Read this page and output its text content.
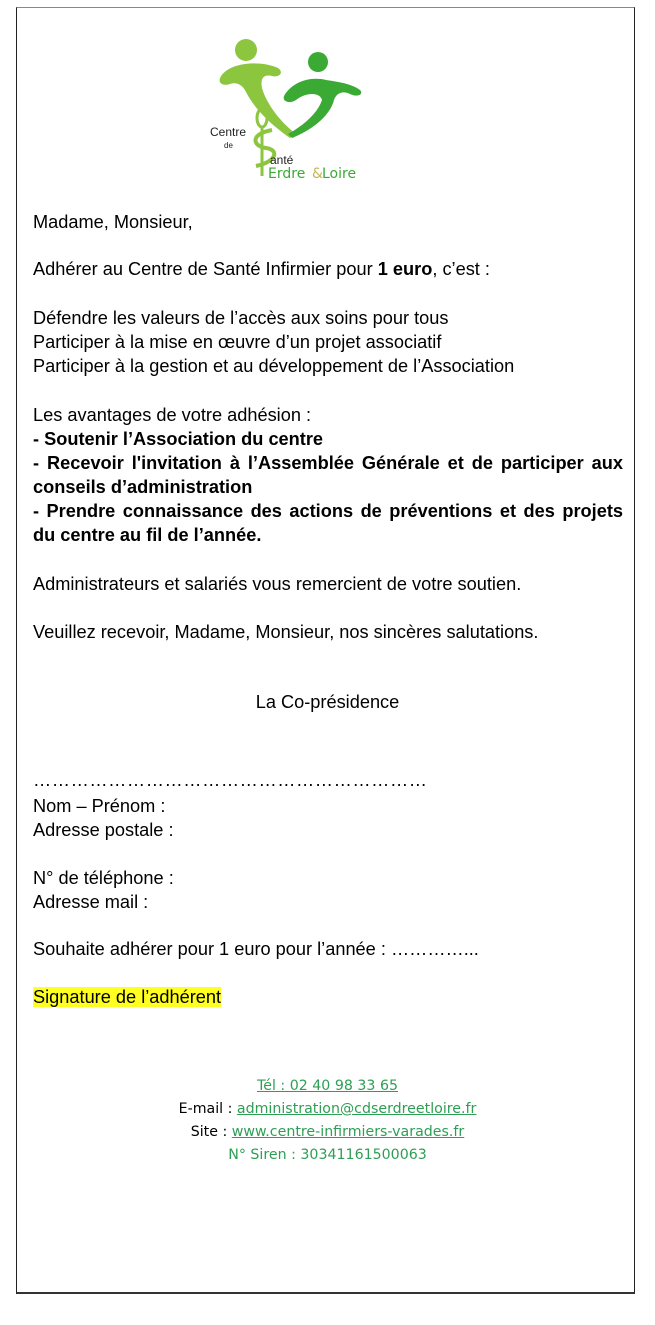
Centre
de
anté
Erdre & Loire
Madame, Monsieur,
Adhérer au Centre de Santé Infirmier pour 1 euro, c’est :
Défendre les valeurs de l’accès aux soins pour tous
Participer à la mise en œuvre d’un projet associatif
Participer à la gestion et au développement de l’Association
Les avantages de votre adhésion :
- Soutenir l’Association du centre
- Recevoir l'invitation à l’Assemblée Générale et de participer aux conseils d’administration
- Prendre connaissance des actions de préventions et des projets du centre au fil de l’année.
Administrateurs et salariés vous remercient de votre soutien.
Veuillez recevoir, Madame, Monsieur, nos sincères salutations.
La Co-présidence
………………………………………………………
Nom – Prénom :
Adresse postale :
N° de téléphone :
Adresse mail :
Souhaite adhérer pour 1 euro pour l’année : …………...
Signature de l’adhérent
Tél : 02 40 98 33 65
E-mail : administration@cdserdreetloire.fr
Site : www.centre-infirmiers-varades.fr
N° Siren : 30341161500063
